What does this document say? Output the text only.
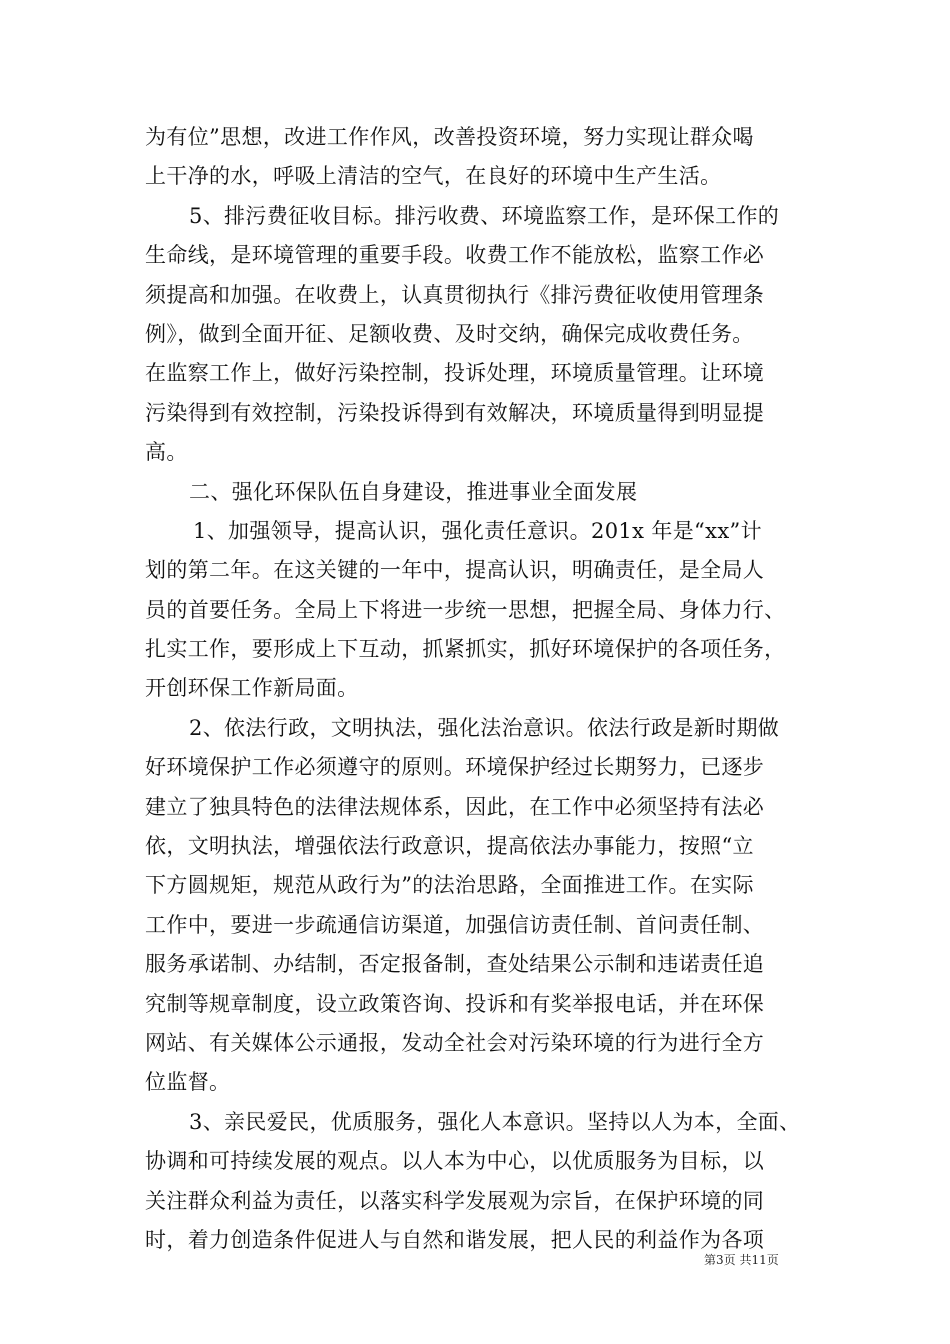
为有位”思想，改进工作作风，改善投资环境，努力实现让群众喝
上干净的水，呼吸上清洁的空气，在良好的环境中生产生活。
5、排污费征收目标。排污收费、环境监察工作，是环保工作的
生命线，是环境管理的重要手段。收费工作不能放松，监察工作必
须提高和加强。在收费上，认真贯彻执行《排污费征收使用管理条
例》，做到全面开征、足额收费、及时交纳，确保完成收费任务。
在监察工作上，做好污染控制，投诉处理，环境质量管理。让环境
污染得到有效控制，污染投诉得到有效解决，环境质量得到明显提
高。
二、强化环保队伍自身建设，推进事业全面发展
1、加强领导，提高认识，强化责任意识。201x 年是“xx”计
划的第二年。在这关键的一年中，提高认识，明确责任，是全局人
员的首要任务。全局上下将进一步统一思想，把握全局、身体力行、
扎实工作，要形成上下互动，抓紧抓实，抓好环境保护的各项任务，
开创环保工作新局面。
2、依法行政，文明执法，强化法治意识。依法行政是新时期做
好环境保护工作必须遵守的原则。环境保护经过长期努力，已逐步
建立了独具特色的法律法规体系，因此，在工作中必须坚持有法必
依，文明执法，增强依法行政意识，提高依法办事能力，按照“立
下方圆规矩，规范从政行为”的法治思路，全面推进工作。在实际
工作中，要进一步疏通信访渠道，加强信访责任制、首问责任制、
服务承诺制、办结制，否定报备制，查处结果公示制和违诺责任追
究制等规章制度，设立政策咨询、投诉和有奖举报电话，并在环保
网站、有关媒体公示通报，发动全社会对污染环境的行为进行全方
位监督。
3、亲民爱民，优质服务，强化人本意识。坚持以人为本，全面、
协调和可持续发展的观点。以人本为中心，以优质服务为目标，以
关注群众利益为责任，以落实科学发展观为宗旨，在保护环境的同
时，着力创造条件促进人与自然和谐发展，把人民的利益作为各项
第3页 共11页
